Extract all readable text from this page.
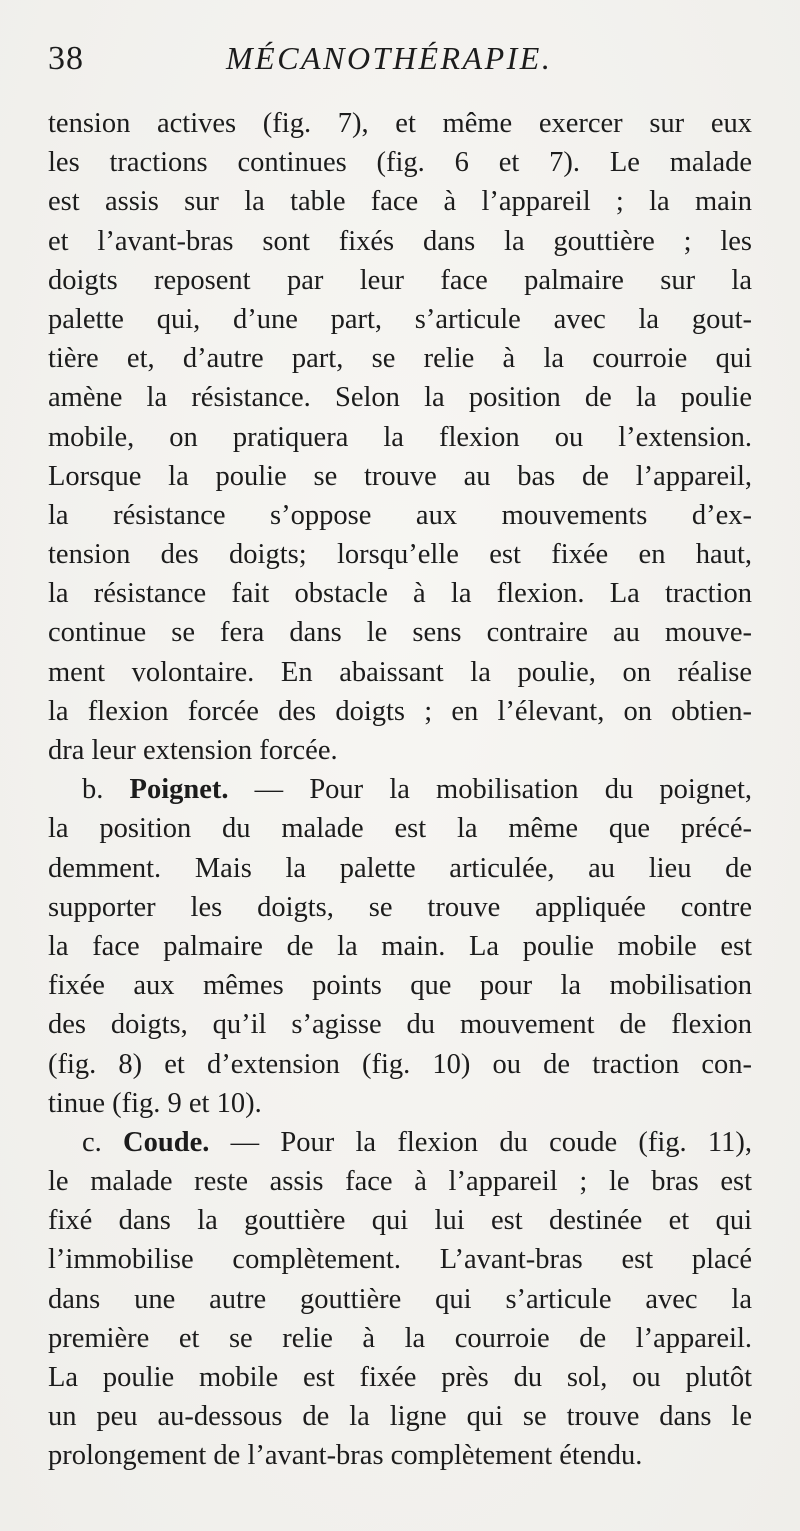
38	MÉCANOTHÉRAPIE.
tension actives (fig. 7), et même exercer sur eux
les tractions continues (fig. 6 et 7). Le malade
est assis sur la table face à l’appareil ; la main
et l’avant-bras sont fixés dans la gouttière ; les
doigts reposent par leur face palmaire sur la
palette qui, d’une part, s’articule avec la gout-
tière et, d’autre part, se relie à la courroie qui
amène la résistance. Selon la position de la poulie
mobile, on pratiquera la flexion ou l’extension.
Lorsque la poulie se trouve au bas de l’appareil,
la résistance s’oppose aux mouvements d’ex-
tension des doigts; lorsqu’elle est fixée en haut,
la résistance fait obstacle à la flexion. La traction
continue se fera dans le sens contraire au mouve-
ment volontaire. En abaissant la poulie, on réalise
la flexion forcée des doigts ; en l’élevant, on obtien-
dra leur extension forcée.
b. Poignet. — Pour la mobilisation du poignet,
la position du malade est la même que précé-
demment. Mais la palette articulée, au lieu de
supporter les doigts, se trouve appliquée contre
la face palmaire de la main. La poulie mobile est
fixée aux mêmes points que pour la mobilisation
des doigts, qu’il s’agisse du mouvement de flexion
(fig. 8) et d’extension (fig. 10) ou de traction con-
tinue (fig. 9 et 10).
c. Coude. — Pour la flexion du coude (fig. 11),
le malade reste assis face à l’appareil ; le bras est
fixé dans la gouttière qui lui est destinée et qui
l’immobilise complètement. L’avant-bras est placé
dans une autre gouttière qui s’articule avec la
première et se relie à la courroie de l’appareil.
La poulie mobile est fixée près du sol, ou plutôt
un peu au-dessous de la ligne qui se trouve dans le
prolongement de l’avant-bras complètement étendu.
